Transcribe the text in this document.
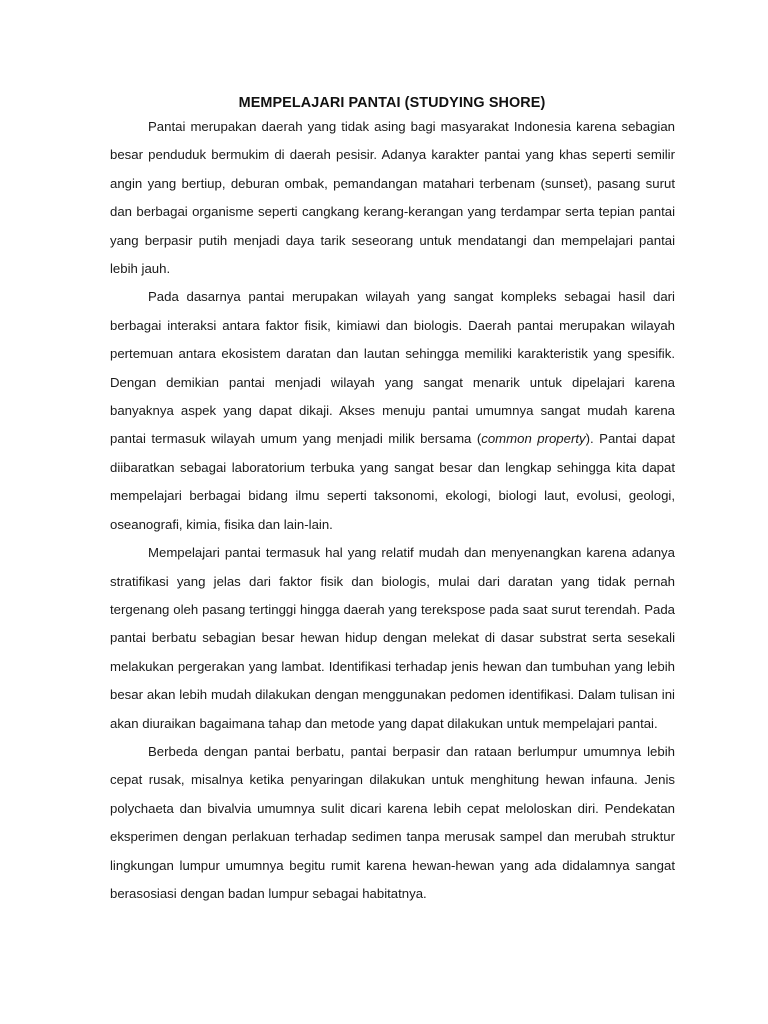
MEMPELAJARI PANTAI (STUDYING SHORE)

Pantai merupakan daerah yang tidak asing bagi masyarakat Indonesia karena sebagian besar penduduk bermukim di daerah pesisir. Adanya karakter pantai yang khas seperti semilir angin yang bertiup, deburan ombak, pemandangan matahari terbenam (sunset), pasang surut dan berbagai organisme seperti cangkang kerang-kerangan yang terdampar serta tepian pantai yang berpasir putih menjadi daya tarik seseorang untuk mendatangi dan mempelajari pantai lebih jauh.

Pada dasarnya pantai merupakan wilayah yang sangat kompleks sebagai hasil dari berbagai interaksi antara faktor fisik, kimiawi dan biologis. Daerah pantai merupakan wilayah pertemuan antara ekosistem daratan dan lautan sehingga memiliki karakteristik yang spesifik. Dengan demikian pantai menjadi wilayah yang sangat menarik untuk dipelajari karena banyaknya aspek yang dapat dikaji. Akses menuju pantai umumnya sangat mudah karena pantai termasuk wilayah umum yang menjadi milik bersama (common property). Pantai dapat diibaratkan sebagai laboratorium terbuka yang sangat besar dan lengkap sehingga kita dapat mempelajari berbagai bidang ilmu seperti taksonomi, ekologi, biologi laut, evolusi, geologi, oseanografi, kimia, fisika dan lain-lain.

Mempelajari pantai termasuk hal yang relatif mudah dan menyenangkan karena adanya stratifikasi yang jelas dari faktor fisik dan biologis, mulai dari daratan yang tidak pernah tergenang oleh pasang tertinggi hingga daerah yang terekspose pada saat surut terendah. Pada pantai berbatu sebagian besar hewan hidup dengan melekat di dasar substrat serta sesekali melakukan pergerakan yang lambat. Identifikasi terhadap jenis hewan dan tumbuhan yang lebih besar akan lebih mudah dilakukan dengan menggunakan pedomen identifikasi. Dalam tulisan ini akan diuraikan bagaimana tahap dan metode yang dapat dilakukan untuk mempelajari pantai.

Berbeda dengan pantai berbatu, pantai berpasir dan rataan berlumpur umumnya lebih cepat rusak, misalnya ketika penyaringan dilakukan untuk menghitung hewan infauna. Jenis polychaeta dan bivalvia umumnya sulit dicari karena lebih cepat meloloskan diri. Pendekatan eksperimen dengan perlakuan terhadap sedimen tanpa merusak sampel dan merubah struktur lingkungan lumpur umumnya begitu rumit karena hewan-hewan yang ada didalamnya sangat berasosiasi dengan badan lumpur sebagai habitatnya.
